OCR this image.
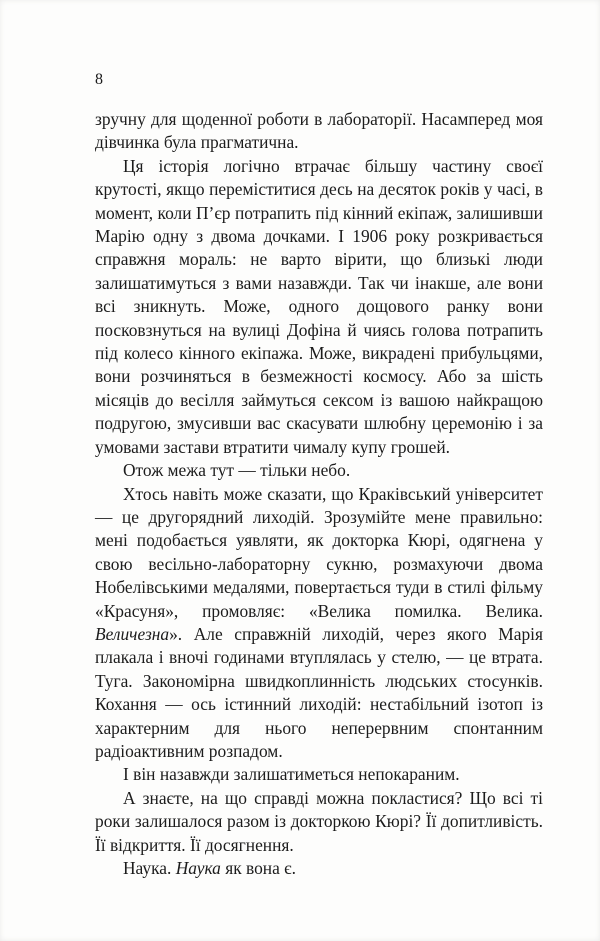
8

зручну для щоденної роботи в лабораторії. Насамперед моя дівчинка була прагматична.

Ця історія логічно втрачає більшу частину своєї крутості, якщо переміститися десь на десяток років у часі, в момент, коли П’єр потрапить під кінний екіпаж, залишивши Марію одну з двома дочками. І 1906 року розкривається справжня мораль: не варто вірити, що близькі люди залишатимуться з вами назавжди. Так чи інакше, але вони всі зникнуть. Може, одного дощового ранку вони посковзнуться на вулиці Дофіна й чиясь голова потрапить під колесо кінного екіпажа. Може, викрадені прибульцями, вони розчиняться в безмежності космосу. Або за шість місяців до весілля займуться сексом із вашою найкращою подругою, змусивши вас скасувати шлюбну церемонію і за умовами застави втратити чималу купу грошей.

Отож межа тут — тільки небо.

Хтось навіть може сказати, що Краківський університет — це другорядний лиходій. Зрозумійте мене правильно: мені подобається уявляти, як докторка Кюрі, одягнена у свою весільно-лабораторну сукню, розмахуючи двома Нобелівськими медалями, повертається туди в стилі фільму «Красуня», промовляє: «Велика помилка. Велика. Величезна». Але справжній лиходій, через якого Марія плакала і вночі годинами втуплялась у стелю, — це втрата. Туга. Закономірна швидкоплинність людських стосунків. Кохання — ось істинний лиходій: нестабільний ізотоп із характерним для нього неперервним спонтанним радіоактивним розпадом.

І він назавжди залишатиметься непокараним.

А знаєте, на що справді можна покластися? Що всі ті роки залишалося разом із докторкою Кюрі? Її допитливість. Її відкриття. Її досягнення.

Наука. Наука як вона є.
